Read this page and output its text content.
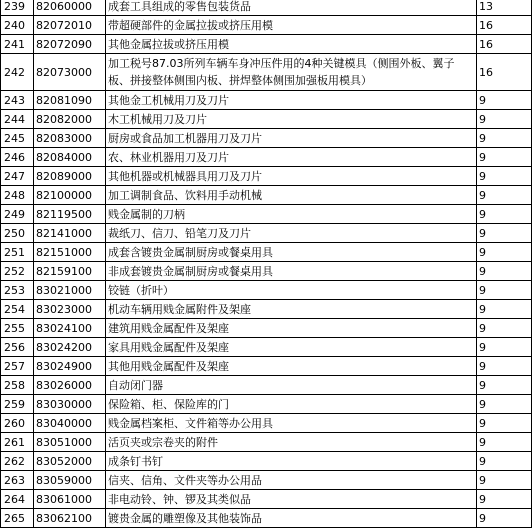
239	82060000	成套工具组成的零售包装货品	13
240	82072010	带超硬部件的金属拉拔或挤压用模	16
241	82072090	其他金属拉拔或挤压用模	16
242	82073000	加工税号87.03所列车辆车身冲压件用的4种关键模具（侧围外板、翼子板、拼接整体侧围内板、拼焊整体侧围加强板用模具）	16
243	82081090	其他金工机械用刀及刀片	9
244	82082000	木工机械用刀及刀片	9
245	82083000	厨房或食品加工机器用刀及刀片	9
246	82084000	农、林业机器用刀及刀片	9
247	82089000	其他机器或机械器具用刀及刀片	9
248	82100000	加工调制食品、饮料用手动机械	9
249	82119500	贱金属制的刀柄	9
250	82141000	裁纸刀、信刀、铅笔刀及刀片	9
251	82151000	成套含镀贵金属制厨房或餐桌用具	9
252	82159100	非成套镀贵金属制厨房或餐桌用具	9
253	83021000	铰链（折叶）	9
254	83023000	机动车辆用贱金属附件及架座	9
255	83024100	建筑用贱金属配件及架座	9
256	83024200	家具用贱金属配件及架座	9
257	83024900	其他用贱金属配件及架座	9
258	83026000	自动闭门器	9
259	83030000	保险箱、柜、保险库的门	9
260	83040000	贱金属档案柜、文件箱等办公用具	9
261	83051000	活页夹或宗卷夹的附件	9
262	83052000	成条钉书钉	9
263	83059000	信夹、信角、文件夹等办公用品	9
264	83061000	非电动铃、钟、锣及其类似品	9
265	83062100	镀贵金属的雕塑像及其他装饰品	9
